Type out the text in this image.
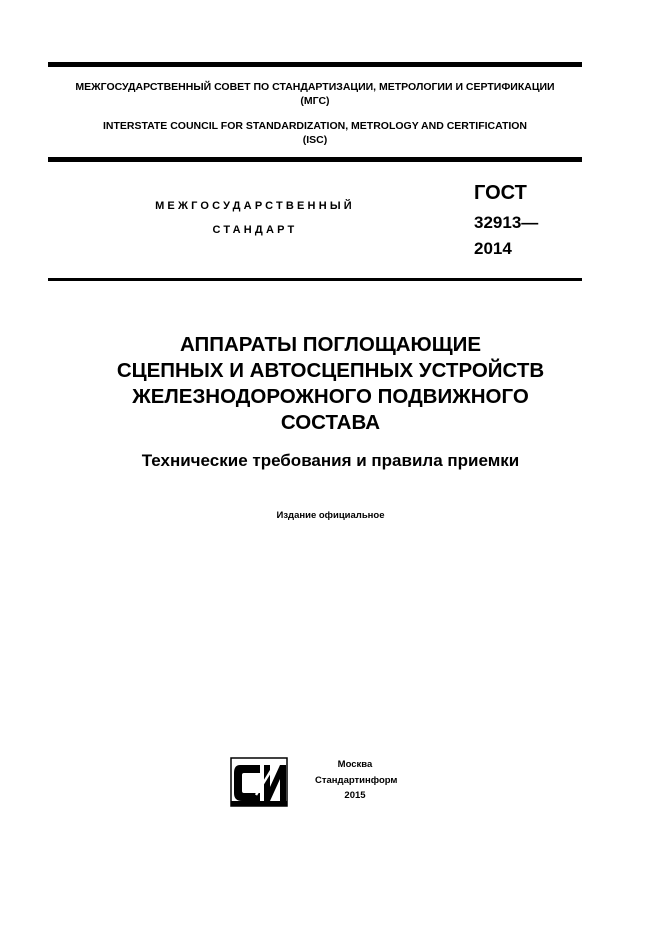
МЕЖГОСУДАРСТВЕННЫЙ СОВЕТ ПО СТАНДАРТИЗАЦИИ, МЕТРОЛОГИИ И СЕРТИФИКАЦИИ
(МГС)
INTERSTATE COUNCIL FOR STANDARDIZATION, METROLOGY AND CERTIFICATION
(ISC)
МЕЖГОСУДАРСТВЕННЫЙ
СТАНДАРТ
ГОСТ
32913—
2014
АППАРАТЫ ПОГЛОЩАЮЩИЕ
СЦЕПНЫХ И АВТОСЦЕПНЫХ УСТРОЙСТВ
ЖЕЛЕЗНОДОРОЖНОГО ПОДВИЖНОГО
СОСТАВА
Технические требования и правила приемки
Издание официальное
Москва
Стандартинформ
2015
